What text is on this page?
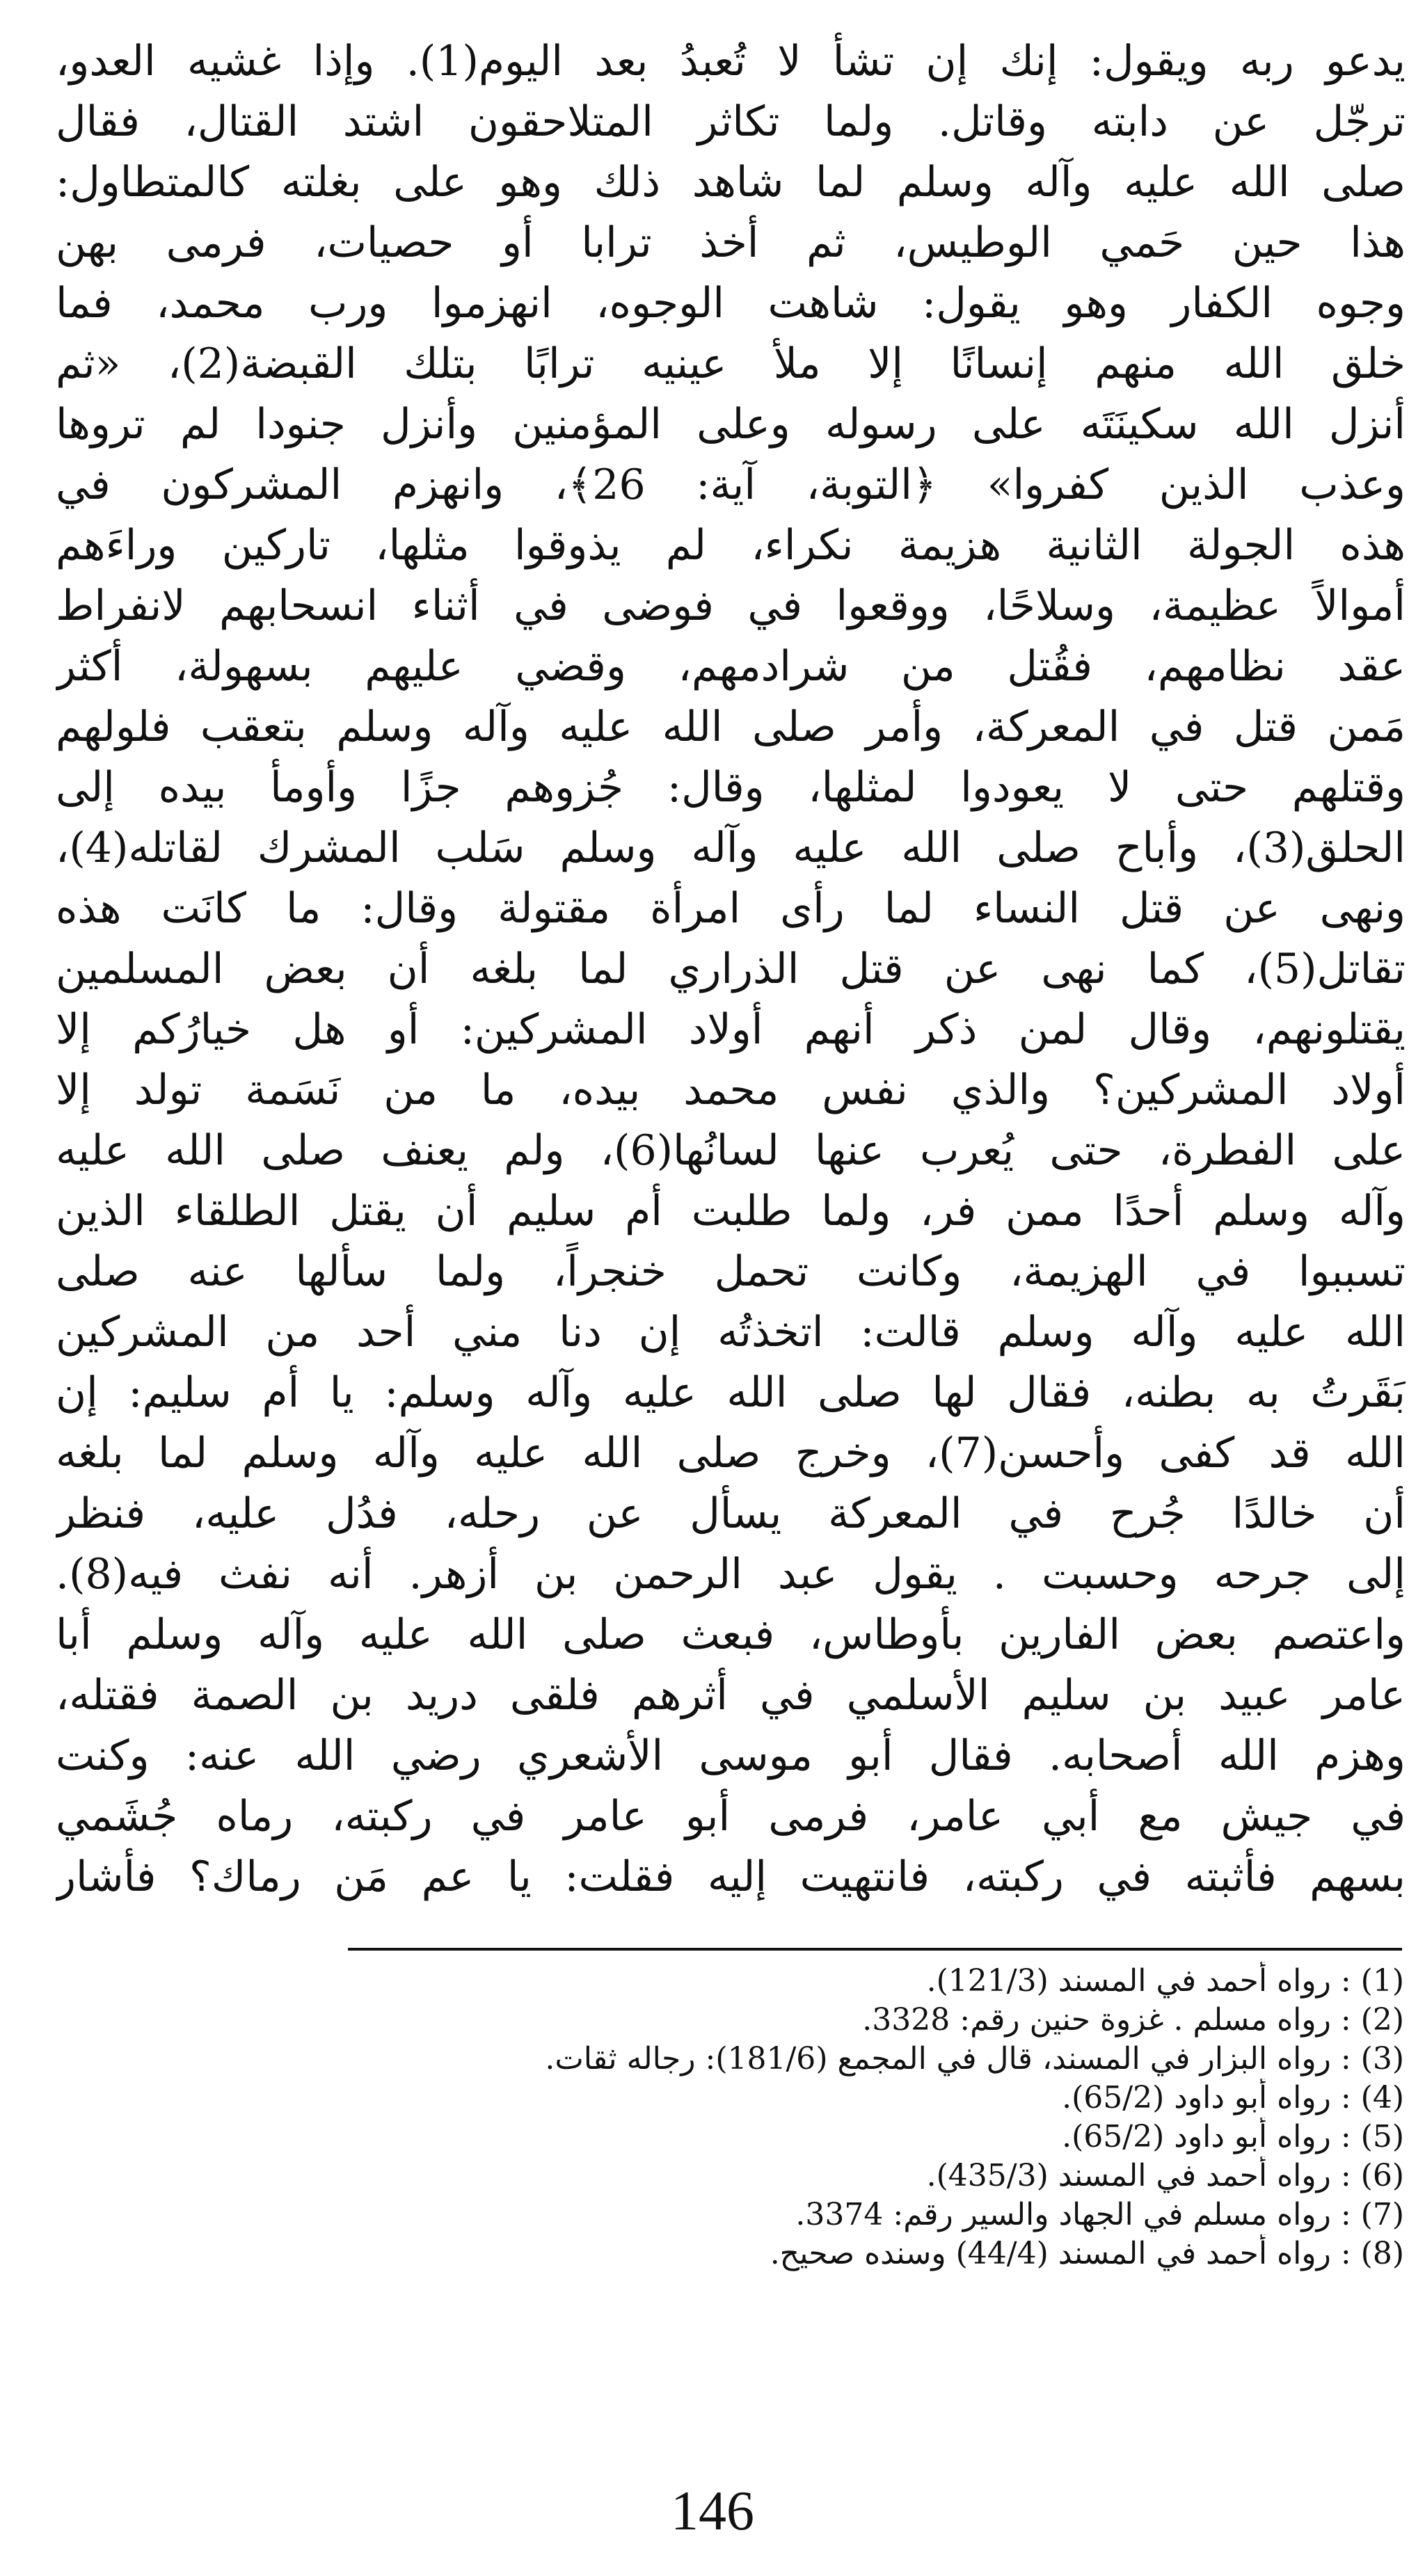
يدعو ربه ويقول: إنك إن تشأ لا تُعبدُ بعد اليوم(1). وإذا غشيه العدو،
ترجّل عن دابته وقاتل. ولما تكاثر المتلاحقون اشتد القتال، فقال
صلى الله عليه وآله وسلم لما شاهد ذلك وهو على بغلته كالمتطاول:
هذا حين حَمي الوطيس، ثم أخذ ترابا أو حصيات، فرمى بهن
وجوه الكفار وهو يقول: شاهت الوجوه، انهزموا ورب محمد، فما
خلق الله منهم إنسانًا إلا ملأ عينيه ترابًا بتلك القبضة(2)، «ثم
أنزل الله سكينَتَه على رسوله وعلى المؤمنين وأنزل جنودا لم تروها
وعذب الذين كفروا» ﴿التوبة، آية: 26﴾، وانهزم المشركون في
هذه الجولة الثانية هزيمة نكراء، لم يذوقوا مثلها، تاركين وراءَهم
أموالاً عظيمة، وسلاحًا، ووقعوا في فوضى في أثناء انسحابهم لانفراط
عقد نظامهم، فقُتل من شرادمهم، وقضي عليهم بسهولة، أكثر
مَمن قتل في المعركة، وأمر صلى الله عليه وآله وسلم بتعقب فلولهم
وقتلهم حتى لا يعودوا لمثلها، وقال: جُزوهم جزًا وأومأ بيده إلى
الحلق(3)، وأباح صلى الله عليه وآله وسلم سَلب المشرك لقاتله(4)،
ونهى عن قتل النساء لما رأى امرأة مقتولة وقال: ما كانَت هذه
تقاتل(5)، كما نهى عن قتل الذراري لما بلغه أن بعض المسلمين
يقتلونهم، وقال لمن ذكر أنهم أولاد المشركين: أو هل خيارُكم إلا
أولاد المشركين؟ والذي نفس محمد بيده، ما من نَسَمة تولد إلا
على الفطرة، حتى يُعرب عنها لسانُها(6)، ولم يعنف صلى الله عليه
وآله وسلم أحدًا ممن فر، ولما طلبت أم سليم أن يقتل الطلقاء الذين
تسببوا في الهزيمة، وكانت تحمل خنجراً، ولما سألها عنه صلى
الله عليه وآله وسلم قالت: اتخذتُه إن دنا مني أحد من المشركين
بَقَرتُ به بطنه، فقال لها صلى الله عليه وآله وسلم: يا أم سليم: إن
الله قد كفى وأحسن(7)، وخرج صلى الله عليه وآله وسلم لما بلغه
أن خالدًا جُرح في المعركة يسأل عن رحله، فدُل عليه، فنظر
إلى جرحه وحسبت . يقول عبد الرحمن بن أزهر. أنه نفث فيه(8).
واعتصم بعض الفارين بأوطاس، فبعث صلى الله عليه وآله وسلم أبا
عامر عبيد بن سليم الأسلمي في أثرهم فلقى دريد بن الصمة فقتله،
وهزم الله أصحابه. فقال أبو موسى الأشعري رضي الله عنه: وكنت
في جيش مع أبي عامر، فرمى أبو عامر في ركبته، رماه جُشَمي
بسهم فأثبته في ركبته، فانتهيت إليه فقلت: يا عم مَن رماك؟ فأشار
(1) : رواه أحمد في المسند (121/3).
(2) : رواه مسلم . غزوة حنين رقم: 3328.
(3) : رواه البزار في المسند، قال في المجمع (181/6): رجاله ثقات.
(4) : رواه أبو داود (65/2).
(5) : رواه أبو داود (65/2).
(6) : رواه أحمد في المسند (435/3).
(7) : رواه مسلم في الجهاد والسير رقم: 3374.
(8) : رواه أحمد في المسند (44/4) وسنده صحيح.
146
